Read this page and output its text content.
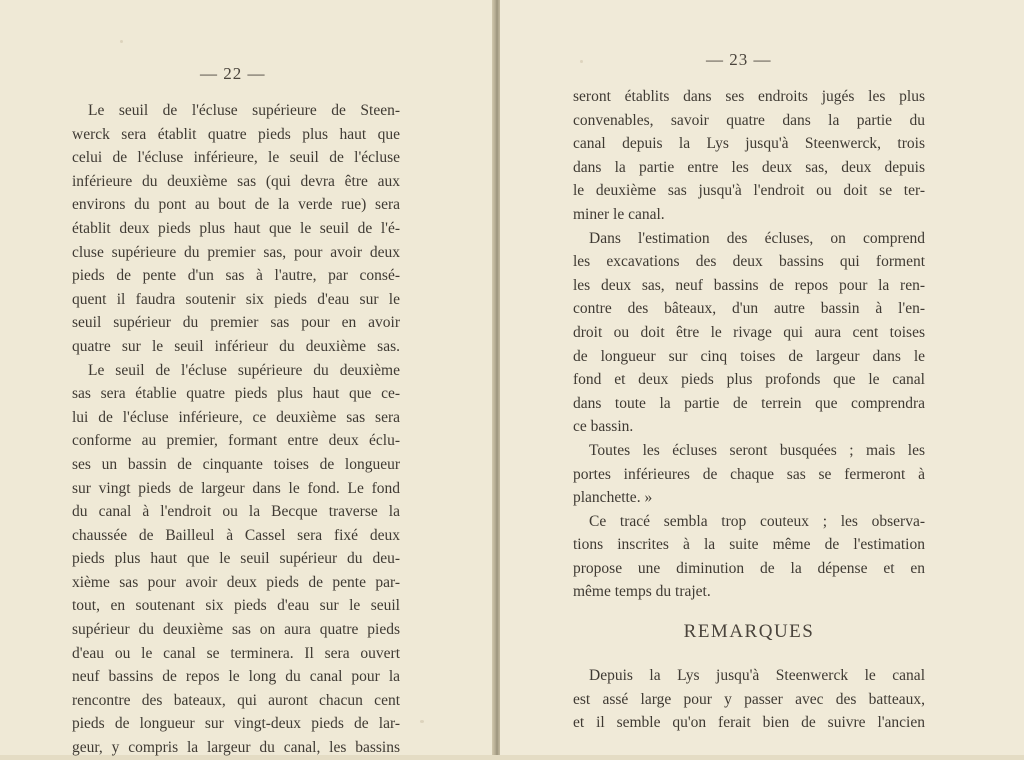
— 22 —
Le seuil de l'écluse supérieure de Steen-
werck sera établit quatre pieds plus haut que
celui de l'écluse inférieure, le seuil de l'écluse
inférieure du deuxième sas (qui devra être aux
environs du pont au bout de la verde rue) sera
établit deux pieds plus haut que le seuil de l'é-
cluse supérieure du premier sas, pour avoir deux
pieds de pente d'un sas à l'autre, par consé-
quent il faudra soutenir six pieds d'eau sur le
seuil supérieur du premier sas pour en avoir
quatre sur le seuil inférieur du deuxième sas.
Le seuil de l'écluse supérieure du deuxième
sas sera établie quatre pieds plus haut que ce-
lui de l'écluse inférieure, ce deuxième sas sera
conforme au premier, formant entre deux éclu-
ses un bassin de cinquante toises de longueur
sur vingt pieds de largeur dans le fond. Le fond
du canal à l'endroit ou la Becque traverse la
chaussée de Bailleul à Cassel sera fixé deux
pieds plus haut que le seuil supérieur du deu-
xième sas pour avoir deux pieds de pente par-
tout, en soutenant six pieds d'eau sur le seuil
supérieur du deuxième sas on aura quatre pieds
d'eau ou le canal se terminera. Il sera ouvert
neuf bassins de repos le long du canal pour la
rencontre des bateaux, qui auront chacun cent
pieds de longueur sur vingt-deux pieds de lar-
geur, y compris la largeur du canal, les bassins
— 23 —
seront établits dans ses endroits jugés les plus
convenables, savoir quatre dans la partie du
canal depuis la Lys jusqu'à Steenwerck, trois
dans la partie entre les deux sas, deux depuis
le deuxième sas jusqu'à l'endroit ou doit se ter-
miner le canal.
Dans l'estimation des écluses, on comprend
les excavations des deux bassins qui forment
les deux sas, neuf bassins de repos pour la ren-
contre des bâteaux, d'un autre bassin à l'en-
droit ou doit être le rivage qui aura cent toises
de longueur sur cinq toises de largeur dans le
fond et deux pieds plus profonds que le canal
dans toute la partie de terrein que comprendra
ce bassin.
Toutes les écluses seront busquées ; mais les
portes inférieures de chaque sas se fermeront à
planchette. »
Ce tracé sembla trop couteux ; les observa-
tions inscrites à la suite même de l'estimation
propose une diminution de la dépense et en
même temps du trajet.
REMARQUES
Depuis la Lys jusqu'à Steenwerck le canal
est assé large pour y passer avec des batteaux,
et il semble qu'on ferait bien de suivre l'ancien
